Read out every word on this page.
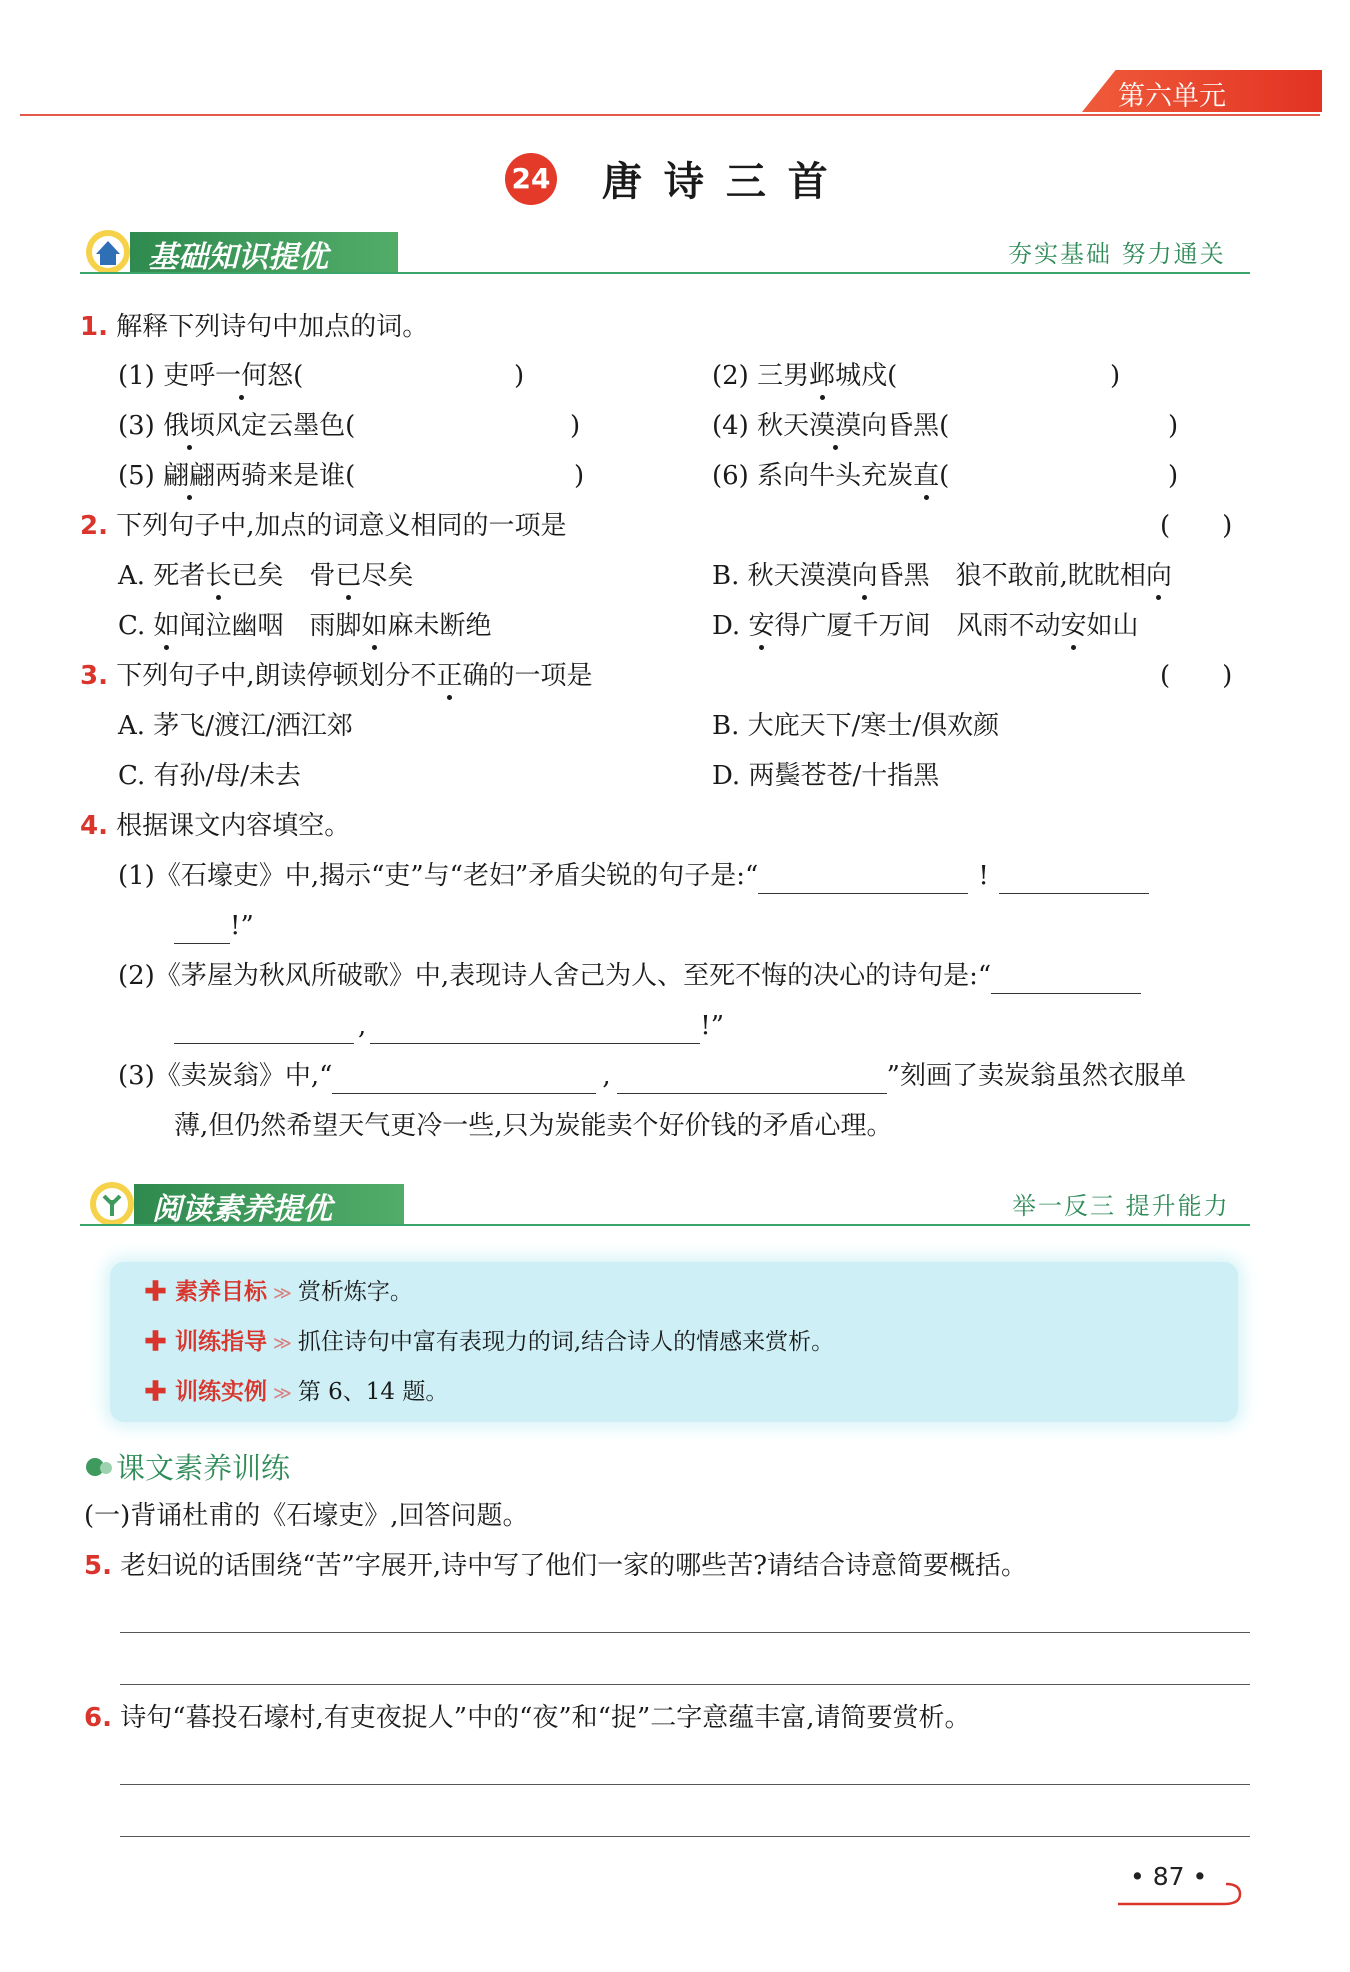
第六单元
24 唐 诗 三 首
基础知识提优	夯实基础 努力通关
1. 解释下列诗句中加点的词。
(1) 吏呼一何怒(	)	(2) 三男邺城戍(	)
(3) 俄顷风定云墨色(	)	(4) 秋天漠漠向昏黑(	)
(5) 翩翩两骑来是谁(	)	(6) 系向牛头充炭直(	)
2. 下列句子中,加点的词意义相同的一项是	(　　)
A. 死者长已矣　骨已尽矣	B. 秋天漠漠向昏黑　狼不敢前,眈眈相向
C. 如闻泣幽咽　雨脚如麻未断绝	D. 安得广厦千万间　风雨不动安如山
3. 下列句子中,朗读停顿划分不正确的一项是	(　　)
A. 茅飞/渡江/洒江郊	B. 大庇天下/寒士/俱欢颜
C. 有孙/母/未去	D. 两鬓苍苍/十指黑
4. 根据课文内容填空。
(1)《石壕吏》中,揭示“吏”与“老妇”矛盾尖锐的句子是:“	!
!”
(2)《茅屋为秋风所破歌》中,表现诗人舍己为人、至死不悔的决心的诗句是:“
,	!”
(3)《卖炭翁》中,“	,	”刻画了卖炭翁虽然衣服单
薄,但仍然希望天气更冷一些,只为炭能卖个好价钱的矛盾心理。
阅读素养提优	举一反三 提升能力
✚ 素养目标 ≫ 赏析炼字。
✚ 训练指导 ≫ 抓住诗句中富有表现力的词,结合诗人的情感来赏析。
✚ 训练实例 ≫ 第 6、14 题。
课文素养训练
(一)背诵杜甫的《石壕吏》,回答问题。
5. 老妇说的话围绕“苦”字展开,诗中写了他们一家的哪些苦?请结合诗意简要概括。
6. 诗句“暮投石壕村,有吏夜捉人”中的“夜”和“捉”二字意蕴丰富,请简要赏析。
• 87 •
